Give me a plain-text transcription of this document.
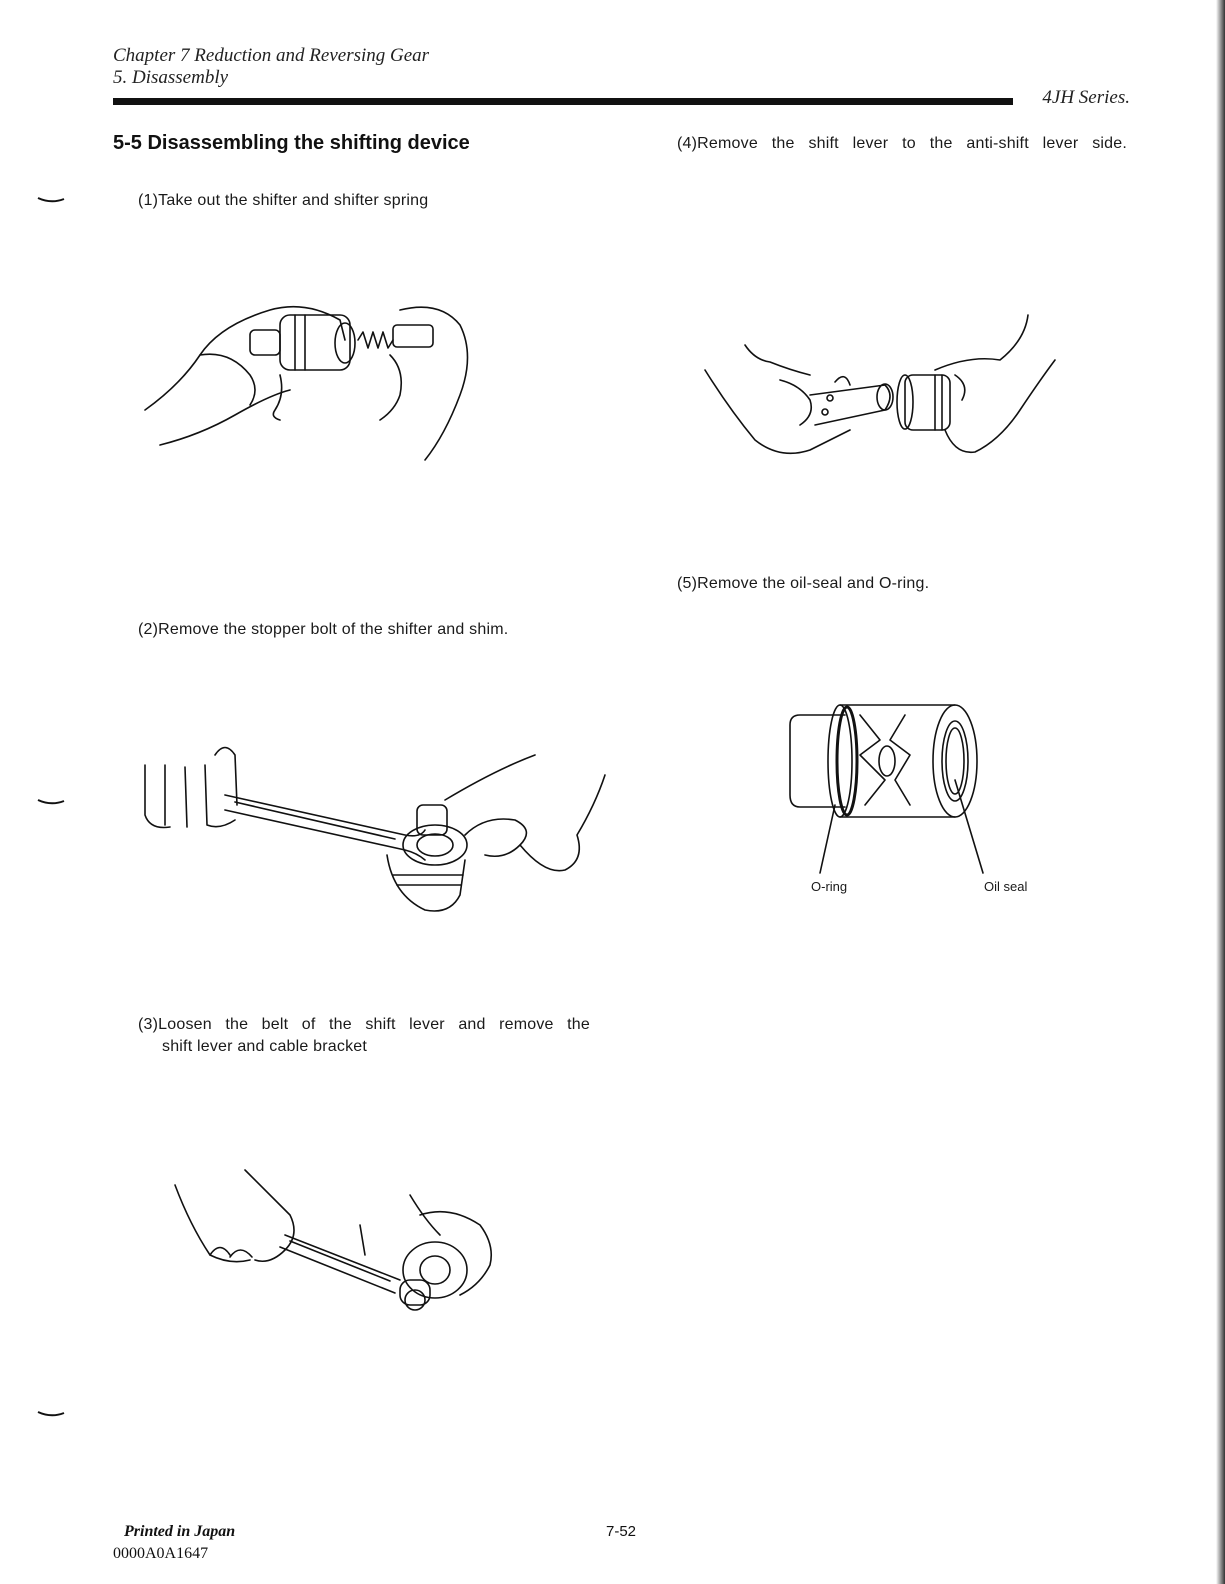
Chapter 7 Reduction and Reversing Gear
5. Disassembly
4JH Series.
5-5 Disassembling the shifting device
(1)Take out the shifter and shifter spring
(2)Remove the stopper bolt of the shifter and shim.
(3)Loosen the belt of the shift lever and remove the
shift lever and cable bracket
(4)Remove the shift lever to the anti-shift lever side.
(5)Remove the oil-seal and O-ring.
O-ring	Oil seal
Printed in Japan
0000A0A1647
7-52
